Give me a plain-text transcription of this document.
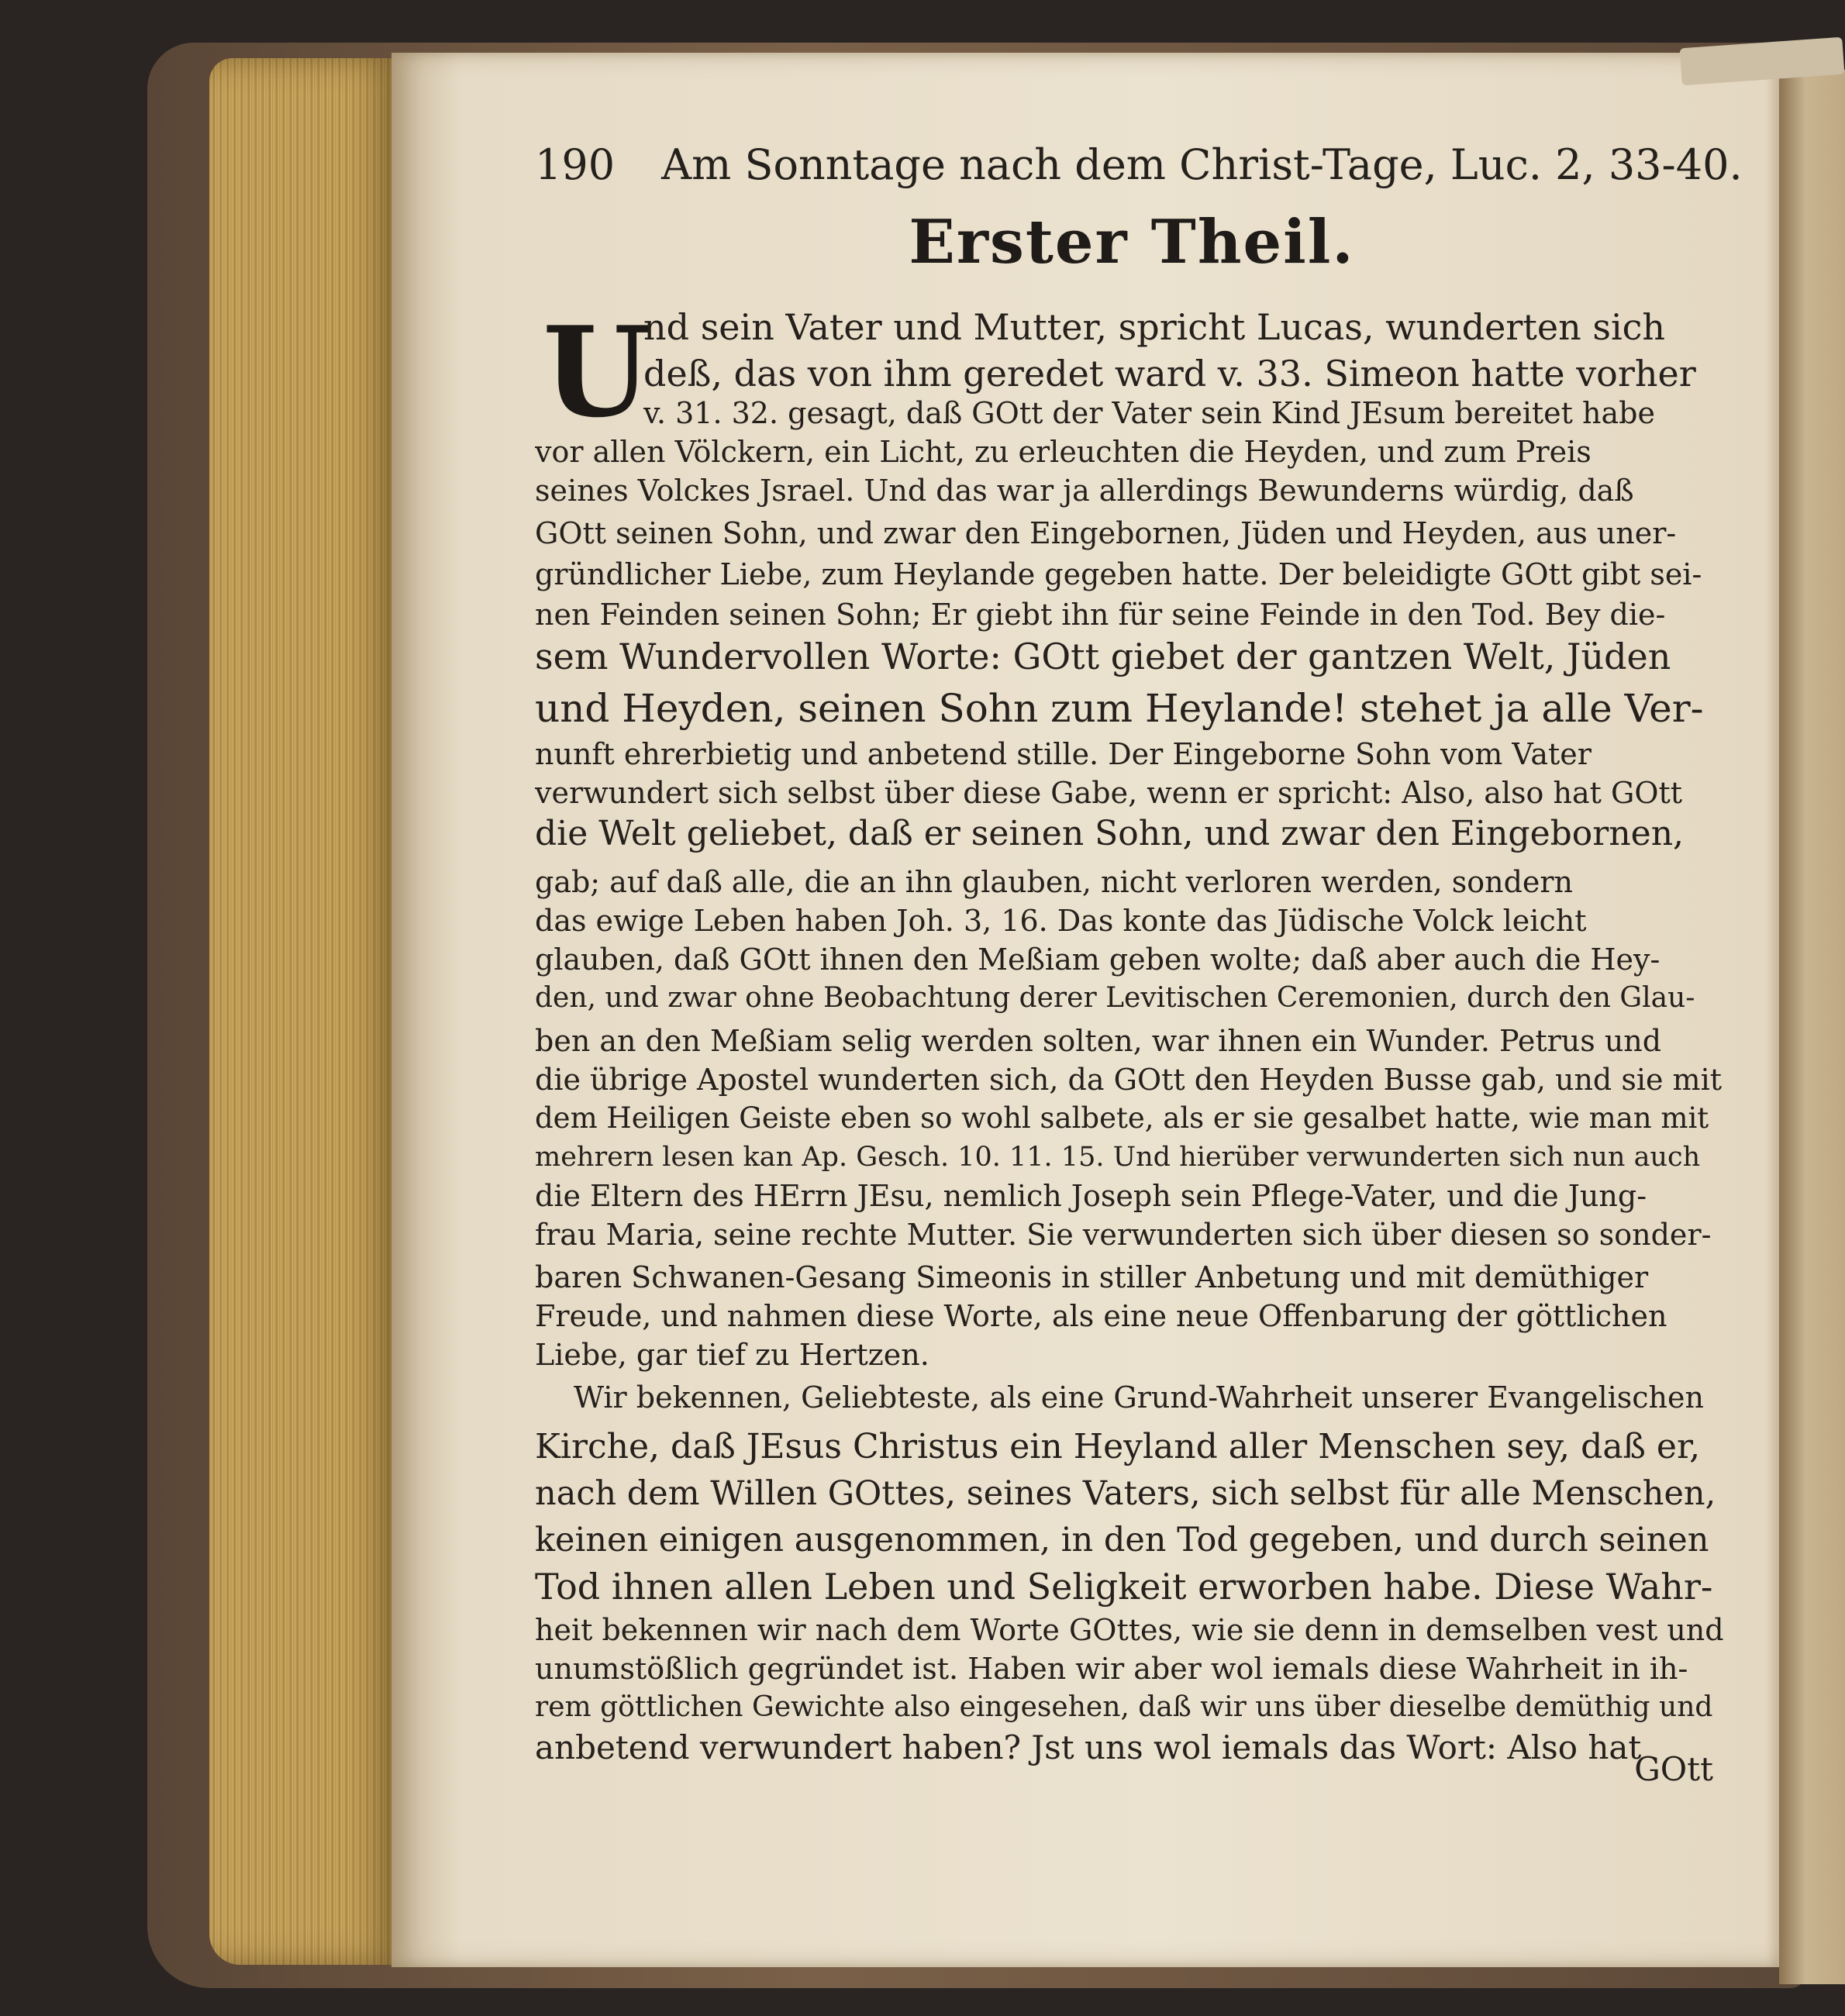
190 Am Sonntage nach dem Christ-Tage, Luc. 2, 33-40.
Erster Theil.
U
nd sein Vater und Mutter, spricht Lucas, wunderten sich
deß, das von ihm geredet ward v. 33. Simeon hatte vorher
v. 31. 32. gesagt, daß GOtt der Vater sein Kind JEsum bereitet habe
vor allen Völckern, ein Licht, zu erleuchten die Heyden, und zum Preis
seines Volckes Jsrael. Und das war ja allerdings Bewunderns würdig, daß
GOtt seinen Sohn, und zwar den Eingebornen, Jüden und Heyden, aus uner-
gründlicher Liebe, zum Heylande gegeben hatte. Der beleidigte GOtt gibt sei-
nen Feinden seinen Sohn; Er giebt ihn für seine Feinde in den Tod. Bey die-
sem Wundervollen Worte: GOtt giebet der gantzen Welt, Jüden
und Heyden, seinen Sohn zum Heylande! stehet ja alle Ver-
nunft ehrerbietig und anbetend stille. Der Eingeborne Sohn vom Vater
verwundert sich selbst über diese Gabe, wenn er spricht: Also, also hat GOtt
die Welt geliebet, daß er seinen Sohn, und zwar den Eingebornen,
gab; auf daß alle, die an ihn glauben, nicht verloren werden, sondern
das ewige Leben haben Joh. 3, 16. Das konte das Jüdische Volck leicht
glauben, daß GOtt ihnen den Meßiam geben wolte; daß aber auch die Hey-
den, und zwar ohne Beobachtung derer Levitischen Ceremonien, durch den Glau-
ben an den Meßiam selig werden solten, war ihnen ein Wunder. Petrus und
die übrige Apostel wunderten sich, da GOtt den Heyden Busse gab, und sie mit
dem Heiligen Geiste eben so wohl salbete, als er sie gesalbet hatte, wie man mit
mehrern lesen kan Ap. Gesch. 10. 11. 15. Und hierüber verwunderten sich nun auch
die Eltern des HErrn JEsu, nemlich Joseph sein Pflege-Vater, und die Jung-
frau Maria, seine rechte Mutter. Sie verwunderten sich über diesen so sonder-
baren Schwanen-Gesang Simeonis in stiller Anbetung und mit demüthiger
Freude, und nahmen diese Worte, als eine neue Offenbarung der göttlichen
Liebe, gar tief zu Hertzen.
Wir bekennen, Geliebteste, als eine Grund-Wahrheit unserer Evangelischen
Kirche, daß JEsus Christus ein Heyland aller Menschen sey, daß er,
nach dem Willen GOttes, seines Vaters, sich selbst für alle Menschen,
keinen einigen ausgenommen, in den Tod gegeben, und durch seinen
Tod ihnen allen Leben und Seligkeit erworben habe. Diese Wahr-
heit bekennen wir nach dem Worte GOttes, wie sie denn in demselben vest und
unumstößlich gegründet ist. Haben wir aber wol iemals diese Wahrheit in ih-
rem göttlichen Gewichte also eingesehen, daß wir uns über dieselbe demüthig und
anbetend verwundert haben? Jst uns wol iemals das Wort: Also hat
GOtt
